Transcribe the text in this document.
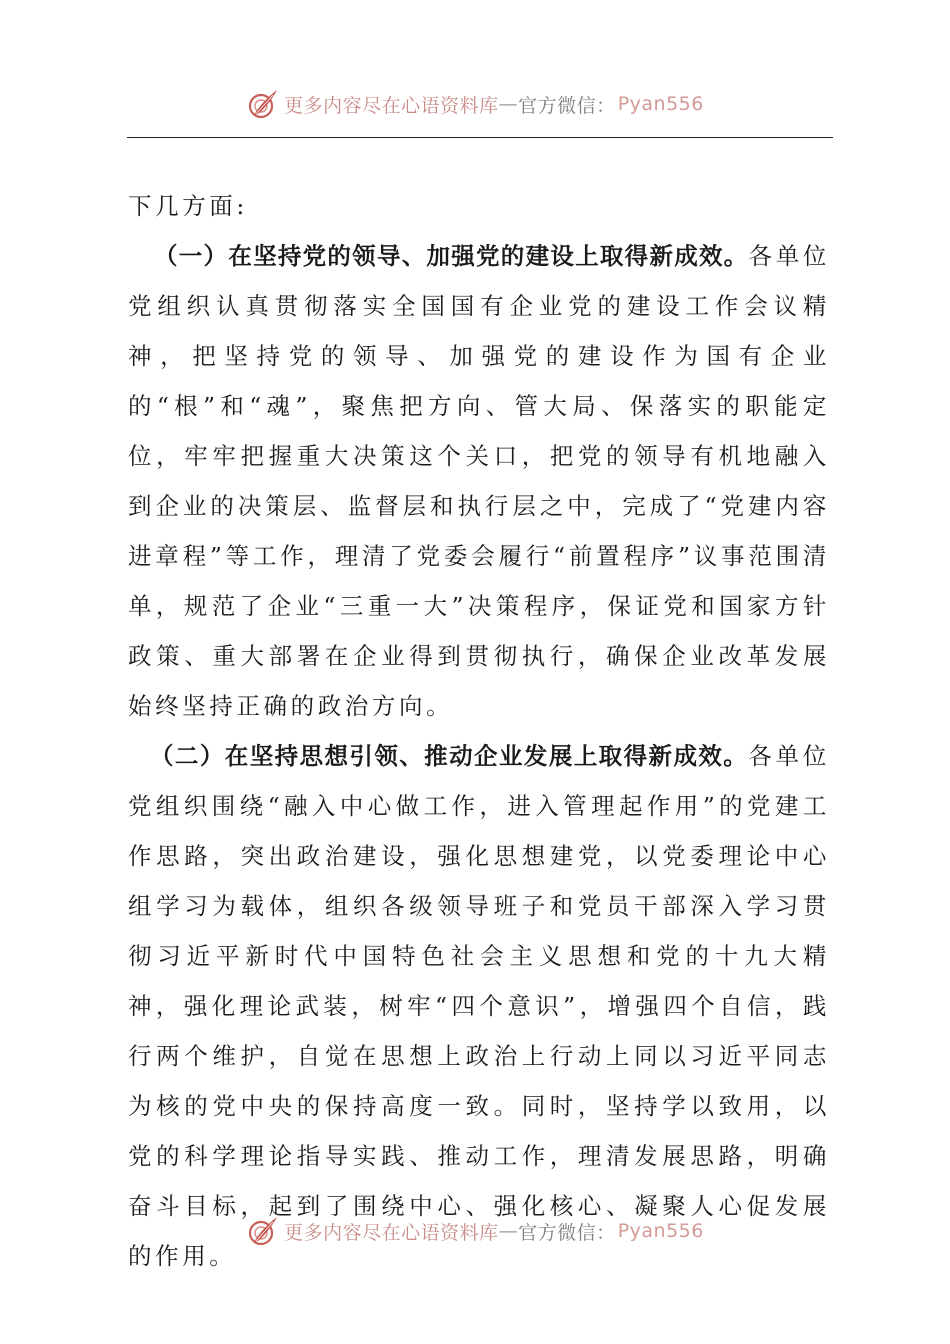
更多内容尽在心语资料库 — 官方微信： Pyan556

下几方面:

（一）在坚持党的领导、加强党的建设上取得新成效。各单位党组织认真贯彻落实全国国有企业党的建设工作会议精神，把坚持党的领导、加强党的建设作为国有企业的“根”和“魂”，聚焦把方向、管大局、保落实的职能定位，牢牢把握重大决策这个关口，把党的领导有机地融入到企业的决策层、监督层和执行层之中，完成了“党建内容进章程”等工作，理清了党委会履行“前置程序”议事范围清单，规范了企业“三重一大”决策程序，保证党和国家方针政策、重大部署在企业得到贯彻执行，确保企业改革发展始终坚持正确的政治方向。

（二）在坚持思想引领、推动企业发展上取得新成效。各单位党组织围绕“融入中心做工作，进入管理起作用”的党建工作思路，突出政治建设，强化思想建党，以党委理论中心组学习为载体，组织各级领导班子和党员干部深入学习贯彻习近平新时代中国特色社会主义思想和党的十九大精神，强化理论武装，树牢“四个意识”，增强四个自信，践行两个维护，自觉在思想上政治上行动上同以习近平同志为核的党中央的保持高度一致。同时，坚持学以致用，以党的科学理论指导实践、推动工作，理清发展思路，明确奋斗目标，起到了围绕中心、强化核心、凝聚人心促发展的作用。

更多内容尽在心语资料库 — 官方微信： Pyan556
